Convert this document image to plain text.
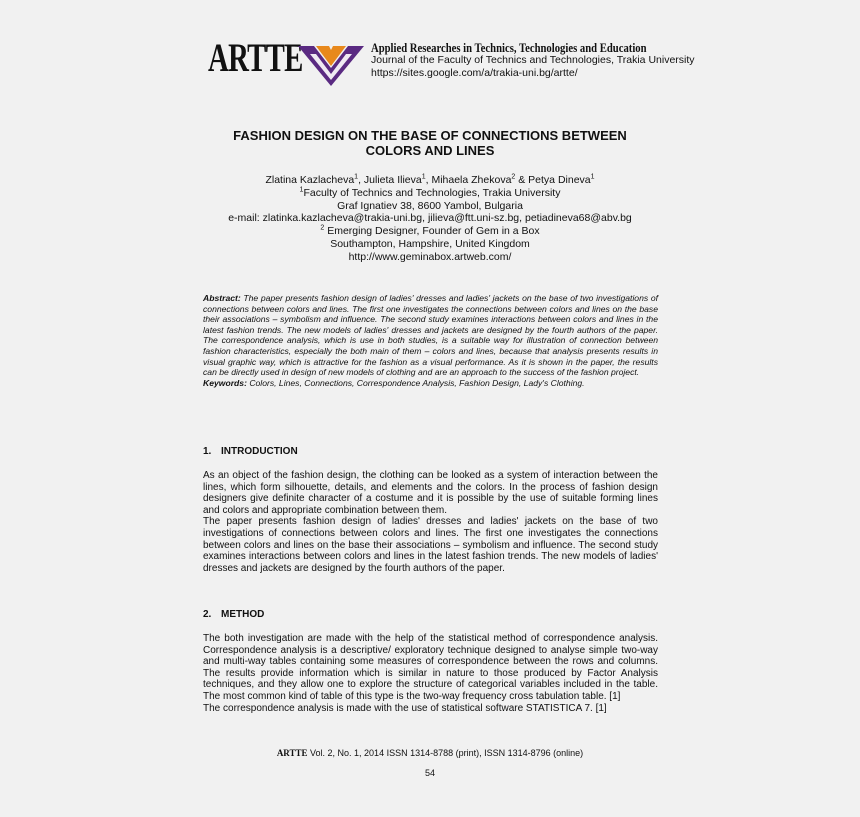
ARTTE	Applied Researches in Technics, Technologies and Education
Journal of the Faculty of Technics and Technologies, Trakia University
https://sites.google.com/a/trakia-uni.bg/artte/
FASHION DESIGN ON THE BASE OF CONNECTIONS BETWEEN
COLORS AND LINES
Zlatina Kazlacheva$^1$, Julieta Ilieva$^1$, Mihaela Zhekova$^2$ & Petya Dineva$^1$
$^1$Faculty of Technics and Technologies, Trakia University
Graf Ignatiev 38, 8600 Yambol, Bulgaria
e-mail: zlatinka.kazlacheva@trakia-uni.bg, jilieva@ftt.uni-sz.bg, petiadineva68@abv.bg
$^2$ Emerging Designer, Founder of Gem in a Box
Southampton, Hampshire, United Kingdom
http://www.geminabox.artweb.com/
Abstract: The paper presents fashion design of ladies' dresses and ladies' jackets on the base of two investigations of connections between colors and lines. The first one investigates the connections between colors and lines on the base their associations – symbolism and influence. The second study examines interactions between colors and lines in the latest fashion trends. The new models of ladies' dresses and jackets are designed by the fourth authors of the paper. The correspondence analysis, which is use in both studies, is a suitable way for illustration of connection between fashion characteristics, especially the both main of them – colors and lines, because that analysis presents results in visual graphic way, which is attractive for the fashion as a visual performance. As it is shown in the paper, the results can be directly used in design of new models of clothing and are an approach to the success of the fashion project.
Keywords: Colors, Lines, Connections, Correspondence Analysis, Fashion Design, Lady's Clothing.
1. INTRODUCTION

As an object of the fashion design, the clothing can be looked as a system of interaction between the lines, which form silhouette, details, and elements and the colors. In the process of fashion design designers give definite character of a costume and it is possible by the use of suitable forming lines and colors and appropriate combination between them.

The paper presents fashion design of ladies' dresses and ladies' jackets on the base of two investigations of connections between colors and lines. The first one investigates the connections between colors and lines on the base their associations – symbolism and influence. The second study examines interactions between colors and lines in the latest fashion trends. The new models of ladies' dresses and jackets are designed by the fourth authors of the paper.

2. METHOD

The both investigation are made with the help of the statistical method of correspondence analysis. Correspondence analysis is a descriptive/ exploratory technique designed to analyse simple two-way and multi-way tables containing some measures of correspondence between the rows and columns. The results provide information which is similar in nature to those produced by Factor Analysis techniques, and they allow one to explore the structure of categorical variables included in the table. The most common kind of table of this type is the two-way frequency cross tabulation table. [1]

The correspondence analysis is made with the use of statistical software STATISTICA 7. [1]

ARTTE Vol. 2, No. 1, 2014 ISSN 1314-8788 (print), ISSN 1314-8796 (online)
54
